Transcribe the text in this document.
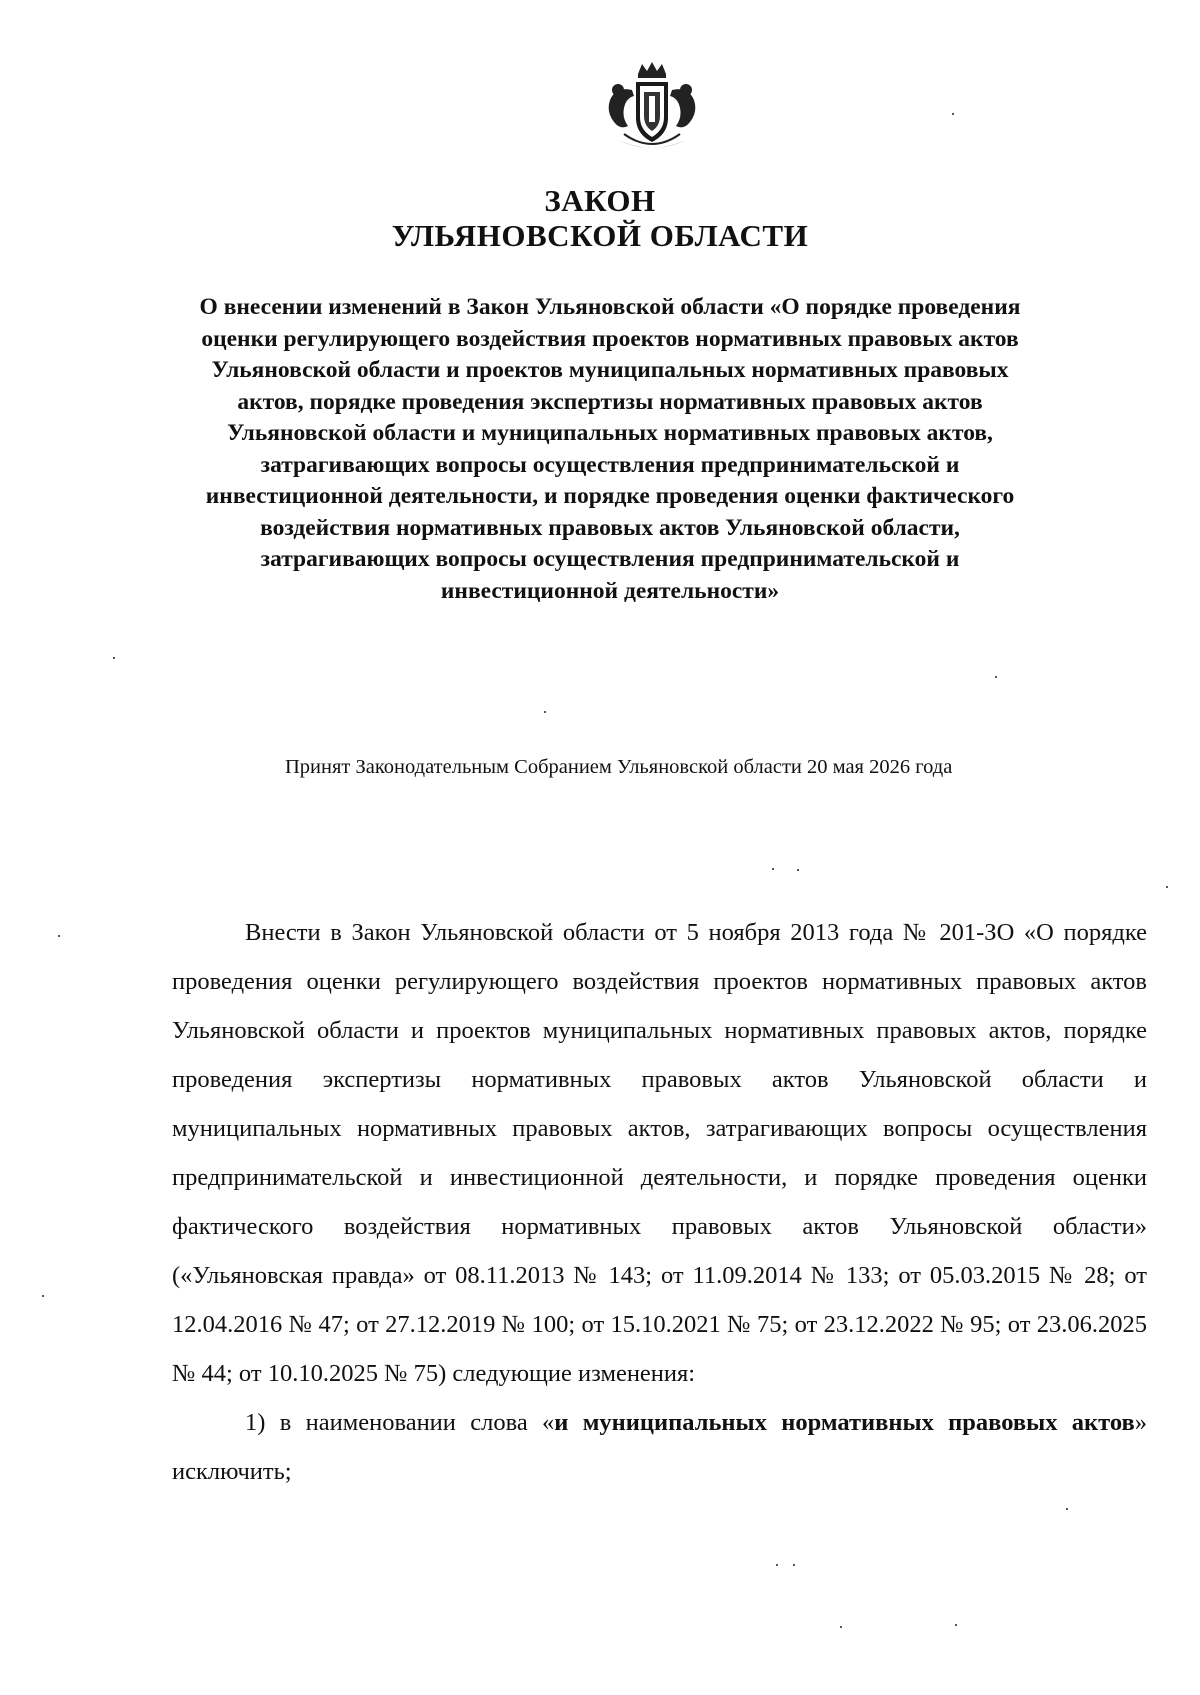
ЗАКОН
УЛЬЯНОВСКОЙ ОБЛАСТИ
О внесении изменений в Закон Ульяновской области «О порядке проведения оценки регулирующего воздействия проектов нормативных правовых актов Ульяновской области и проектов муниципальных нормативных правовых актов, порядке проведения экспертизы нормативных правовых актов Ульяновской области и муниципальных нормативных правовых актов, затрагивающих вопросы осуществления предпринимательской и инвестиционной деятельности, и порядке проведения оценки фактического воздействия нормативных правовых актов Ульяновской области, затрагивающих вопросы осуществления предпринимательской и инвестиционной деятельности»
Принят Законодательным Собранием Ульяновской области 20 мая 2026 года

Внести в Закон Ульяновской области от 5 ноября 2013 года № 201-ЗО «О порядке проведения оценки регулирующего воздействия проектов нормативных правовых актов Ульяновской области и проектов муниципальных нормативных правовых актов, порядке проведения экспертизы нормативных правовых актов Ульяновской области и муниципальных нормативных правовых актов, затрагивающих вопросы осуществления предпринимательской и инвестиционной деятельности, и порядке проведения оценки фактического воздействия нормативных правовых актов Ульяновской области» («Ульяновская правда» от 08.11.2013 № 143; от 11.09.2014 № 133; от 05.03.2015 № 28; от 12.04.2016 № 47; от 27.12.2019 № 100; от 15.10.2021 № 75; от 23.12.2022 № 95; от 23.06.2025 № 44; от 10.10.2025 № 75) следующие изменения:

1) в наименовании слова «и муниципальных нормативных правовых актов» исключить;
